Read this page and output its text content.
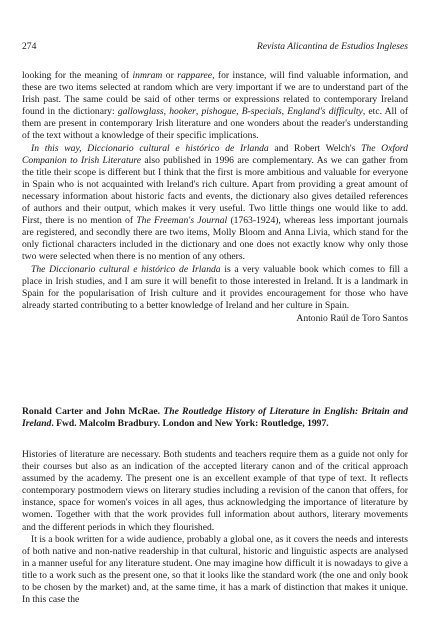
274	Revista Alicantina de Estudios Ingleses

looking for the meaning of inmram or rapparee, for instance, will find valuable information, and these are two items selected at random which are very important if we are to understand part of the Irish past. The same could be said of other terms or expressions related to contemporary Ireland found in the dictionary: gallowglass, hooker, pishogue, B-specials, England's difficulty, etc. All of them are present in contemporary Irish literature and one wonders about the reader's understanding of the text without a knowledge of their specific implications.

In this way, Diccionario cultural e histórico de Irlanda and Robert Welch's The Oxford Companion to Irish Literature also published in 1996 are complementary. As we can gather from the title their scope is different but I think that the first is more ambitious and valuable for everyone in Spain who is not acquainted with Ireland's rich culture. Apart from providing a great amount of necessary information about historic facts and events, the dictionary also gives detailed references of authors and their output, which makes it very useful. Two little things one would like to add. First, there is no mention of The Freeman's Journal (1763-1924), whereas less important journals are registered, and secondly there are two items, Molly Bloom and Anna Livia, which stand for the only fictional characters included in the dictionary and one does not exactly know why only those two were selected when there is no mention of any others.

The Diccionario cultural e histórico de Irlanda is a very valuable book which comes to fill a place in Irish studies, and I am sure it will benefit to those interested in Ireland. It is a landmark in Spain for the popularisation of Irish culture and it provides encouragement for those who have already started contributing to a better knowledge of Ireland and her culture in Spain.

Antonio Raúl de Toro Santos

Ronald Carter and John McRae. The Routledge History of Literature in English: Britain and Ireland. Fwd. Malcolm Bradbury. London and New York: Routledge, 1997.

Histories of literature are necessary. Both students and teachers require them as a guide not only for their courses but also as an indication of the accepted literary canon and of the critical approach assumed by the academy. The present one is an excellent example of that type of text. It reflects contemporary postmodern views on literary studies including a revision of the canon that offers, for instance, space for women's voices in all ages, thus acknowledging the importance of literature by women. Together with that the work provides full information about authors, literary movements and the different periods in which they flourished.

It is a book written for a wide audience, probably a global one, as it covers the needs and interests of both native and non-native readership in that cultural, historic and linguistic aspects are analysed in a manner useful for any literature student. One may imagine how difficult it is nowadays to give a title to a work such as the present one, so that it looks like the standard work (the one and only book to be chosen by the market) and, at the same time, it has a mark of distinction that makes it unique. In this case the
